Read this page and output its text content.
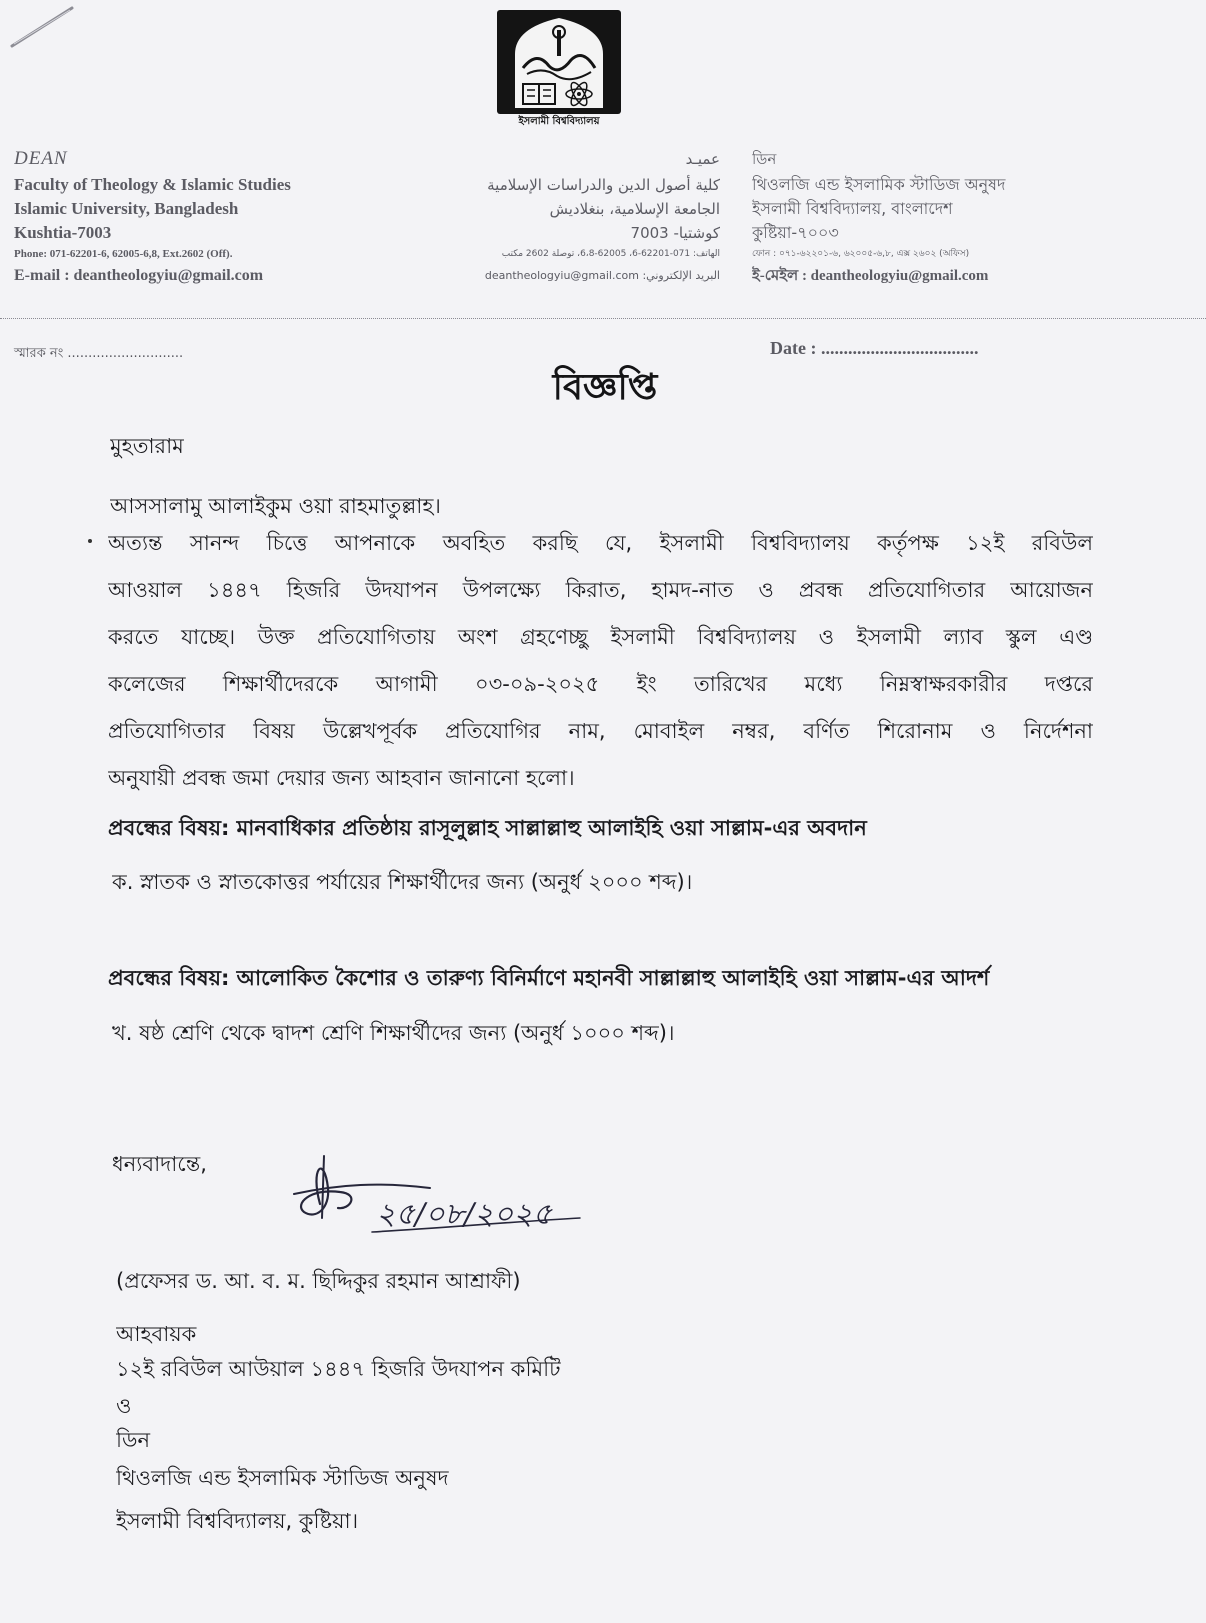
ইসলামী বিশ্ববিদ্যালয়
DEAN
Faculty of Theology & Islamic Studies
Islamic University, Bangladesh
Kushtia-7003
Phone: 071-62201-6, 62005-6,8, Ext.2602 (Off).
E-mail : deantheologyiu@gmail.com
عميـد
كلية أصول الدين والدراسات الإسلامية
الجامعة الإسلامية، بنغلاديش
كوشتيا- 7003
الهاتف: 071-62201-6، 62005-6،8، توصلة 2602 مكتب
البريد الإلكتروني: deantheologyiu@gmail.com
ডিন
থিওলজি এন্ড ইসলামিক স্টাডিজ অনুষদ
ইসলামী বিশ্ববিদ্যালয়, বাংলাদেশ
কুষ্টিয়া-৭০০৩
ফোন : ০৭১-৬২২০১-৬, ৬২০০৫-৬,৮, এক্স ২৬০২ (অফিস)
ই-মেইল : deantheologyiu@gmail.com
স্মারক নং ............................	Date : ...................................
বিজ্ঞপ্তি
মুহতারাম
আসসালামু আলাইকুম ওয়া রাহমাতুল্লাহ।
অত্যন্ত সানন্দ চিত্তে আপনাকে অবহিত করছি যে, ইসলামী বিশ্ববিদ্যালয় কর্তৃপক্ষ ১২ই রবিউল
আওয়াল ১৪৪৭ হিজরি উদযাপন উপলক্ষ্যে কিরাত, হামদ-নাত ও প্রবন্ধ প্রতিযোগিতার আয়োজন
করতে যাচ্ছে। উক্ত প্রতিযোগিতায় অংশ গ্রহণেচ্ছু ইসলামী বিশ্ববিদ্যালয় ও ইসলামী ল্যাব স্কুল এণ্ড
কলেজের শিক্ষার্থীদেরকে আগামী ০৩-০৯-২০২৫ ইং তারিখের মধ্যে নিম্নস্বাক্ষরকারীর দপ্তরে
প্রতিযোগিতার বিষয় উল্লেখপূর্বক প্রতিযোগির নাম, মোবাইল নম্বর, বর্ণিত শিরোনাম ও নির্দেশনা
অনুযায়ী প্রবন্ধ জমা দেয়ার জন্য আহবান জানানো হলো।
প্রবন্ধের বিষয়: মানবাধিকার প্রতিষ্ঠায় রাসূলুল্লাহ সাল্লাল্লাহু আলাইহি ওয়া সাল্লাম-এর অবদান
ক. স্নাতক ও স্নাতকোত্তর পর্যায়ের শিক্ষার্থীদের জন্য (অনুর্ধ ২০০০ শব্দ)।
প্রবন্ধের বিষয়: আলোকিত কৈশোর ও তারুণ্য বিনির্মাণে মহানবী সাল্লাল্লাহু আলাইহি ওয়া সাল্লাম-এর আদর্শ
খ. ষষ্ঠ শ্রেণি থেকে দ্বাদশ শ্রেণি শিক্ষার্থীদের জন্য (অনুর্ধ ১০০০ শব্দ)।
ধন্যবাদান্তে,
২৫/০৮/২০২৫
(প্রফেসর ড. আ. ব. ম. ছিদ্দিকুর রহমান আশ্রাফী)
আহবায়ক
১২ই রবিউল আউয়াল ১৪৪৭ হিজরি উদযাপন কমিটি
ও
ডিন
থিওলজি এন্ড ইসলামিক স্টাডিজ অনুষদ
ইসলামী বিশ্ববিদ্যালয়, কুষ্টিয়া।
